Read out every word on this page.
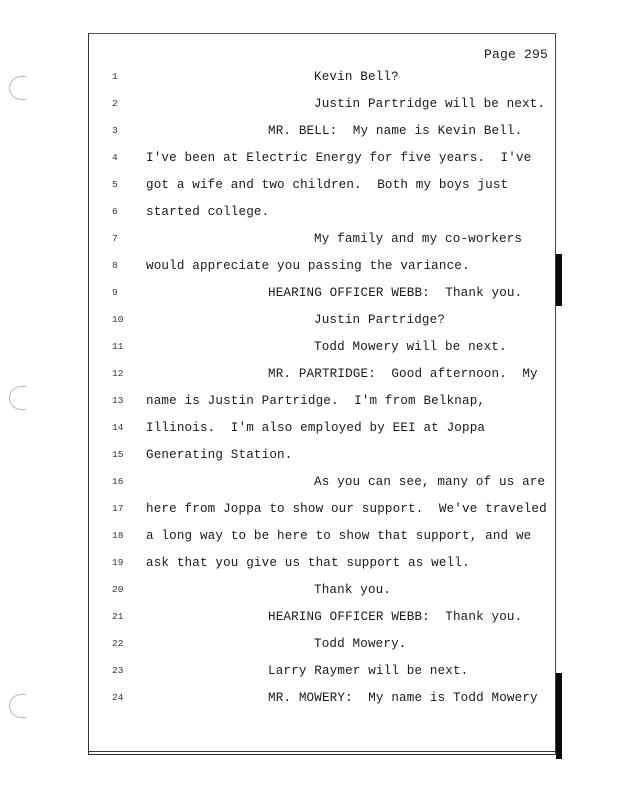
Page 295
1
2
3
4
5
6
7
8
9
10
11
12
13
14
15
16
17
18
19
20
21
22
23
24
Kevin Bell?
Justin Partridge will be next.
MR. BELL:  My name is Kevin Bell.
I've been at Electric Energy for five years.  I've
got a wife and two children.  Both my boys just
started college.
My family and my co-workers
would appreciate you passing the variance.
HEARING OFFICER WEBB:  Thank you.
Justin Partridge?
Todd Mowery will be next.
MR. PARTRIDGE:  Good afternoon.  My
name is Justin Partridge.  I'm from Belknap,
Illinois.  I'm also employed by EEI at Joppa
Generating Station.
As you can see, many of us are
here from Joppa to show our support.  We've traveled
a long way to be here to show that support, and we
ask that you give us that support as well.
Thank you.
HEARING OFFICER WEBB:  Thank you.
Todd Mowery.
Larry Raymer will be next.
MR. MOWERY:  My name is Todd Mowery
